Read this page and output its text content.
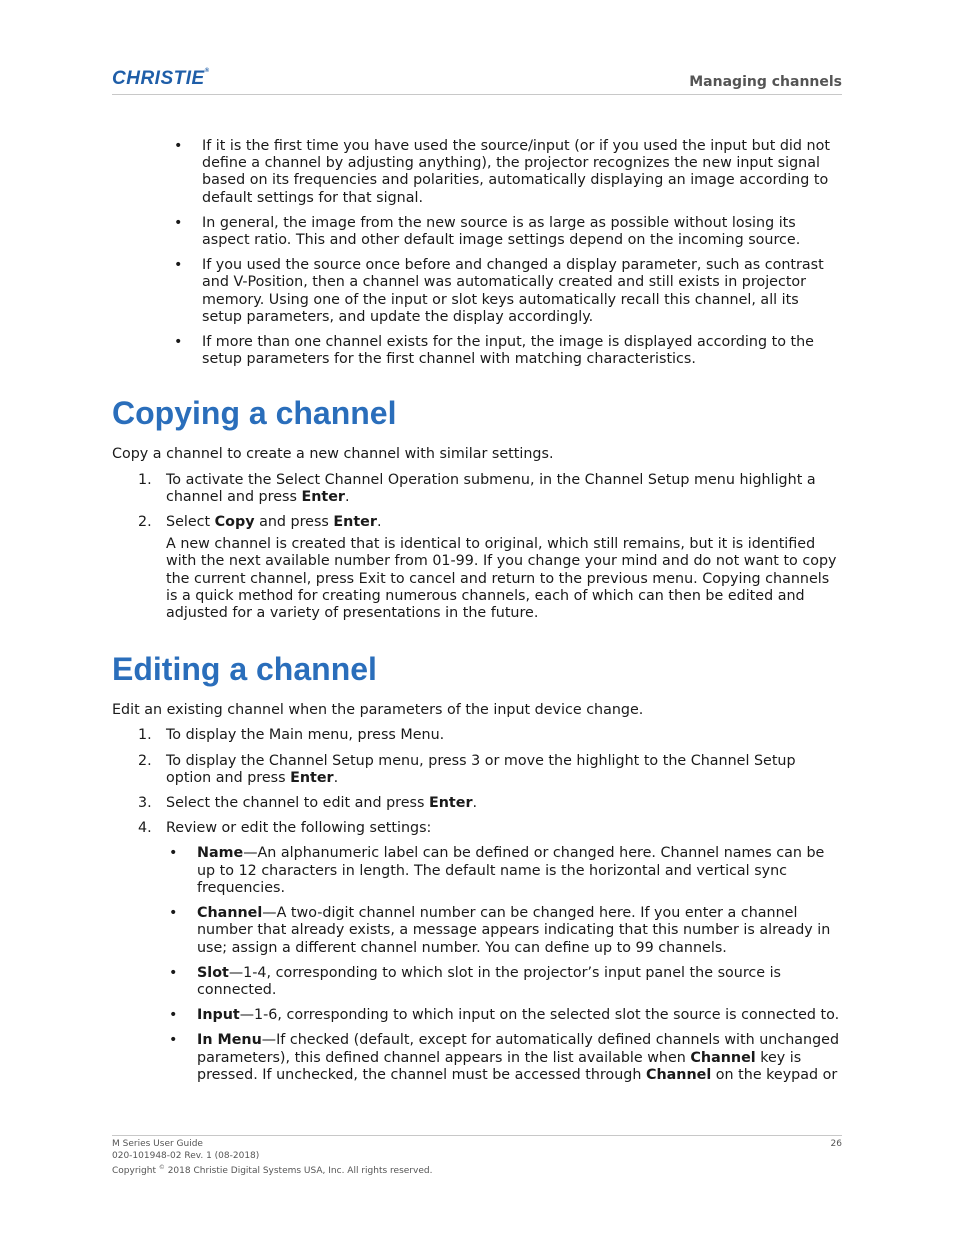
CHRISTIE®
Managing channels
• If it is the first time you have used the source/input (or if you used the input but did not define a channel by adjusting anything), the projector recognizes the new input signal based on its frequencies and polarities, automatically displaying an image according to default settings for that signal.
• In general, the image from the new source is as large as possible without losing its aspect ratio. This and other default image settings depend on the incoming source.
• If you used the source once before and changed a display parameter, such as contrast and V-Position, then a channel was automatically created and still exists in projector memory. Using one of the input or slot keys automatically recall this channel, all its setup parameters, and update the display accordingly.
• If more than one channel exists for the input, the image is displayed according to the setup parameters for the first channel with matching characteristics.
Copying a channel

Copy a channel to create a new channel with similar settings.

1. To activate the Select Channel Operation submenu, in the Channel Setup menu highlight a channel and press Enter.
2. Select Copy and press Enter.
A new channel is created that is identical to original, which still remains, but it is identified with the next available number from 01-99. If you change your mind and do not want to copy the current channel, press Exit to cancel and return to the previous menu. Copying channels is a quick method for creating numerous channels, each of which can then be edited and adjusted for a variety of presentations in the future.
Editing a channel

Edit an existing channel when the parameters of the input device change.

1. To display the Main menu, press Menu.
2. To display the Channel Setup menu, press 3 or move the highlight to the Channel Setup option and press Enter.
3. Select the channel to edit and press Enter.
4. Review or edit the following settings:
• Name—An alphanumeric label can be defined or changed here. Channel names can be up to 12 characters in length. The default name is the horizontal and vertical sync frequencies.
• Channel—A two-digit channel number can be changed here. If you enter a channel number that already exists, a message appears indicating that this number is already in use; assign a different channel number. You can define up to 99 channels.
• Slot—1-4, corresponding to which slot in the projector’s input panel the source is connected.
• Input—1-6, corresponding to which input on the selected slot the source is connected to.
• In Menu—If checked (default, except for automatically defined channels with unchanged parameters), this defined channel appears in the list available when Channel key is pressed. If unchecked, the channel must be accessed through Channel on the keypad or
M Series User Guide
020-101948-02 Rev. 1 (08-2018)
Copyright © 2018 Christie Digital Systems USA, Inc. All rights reserved.
26
